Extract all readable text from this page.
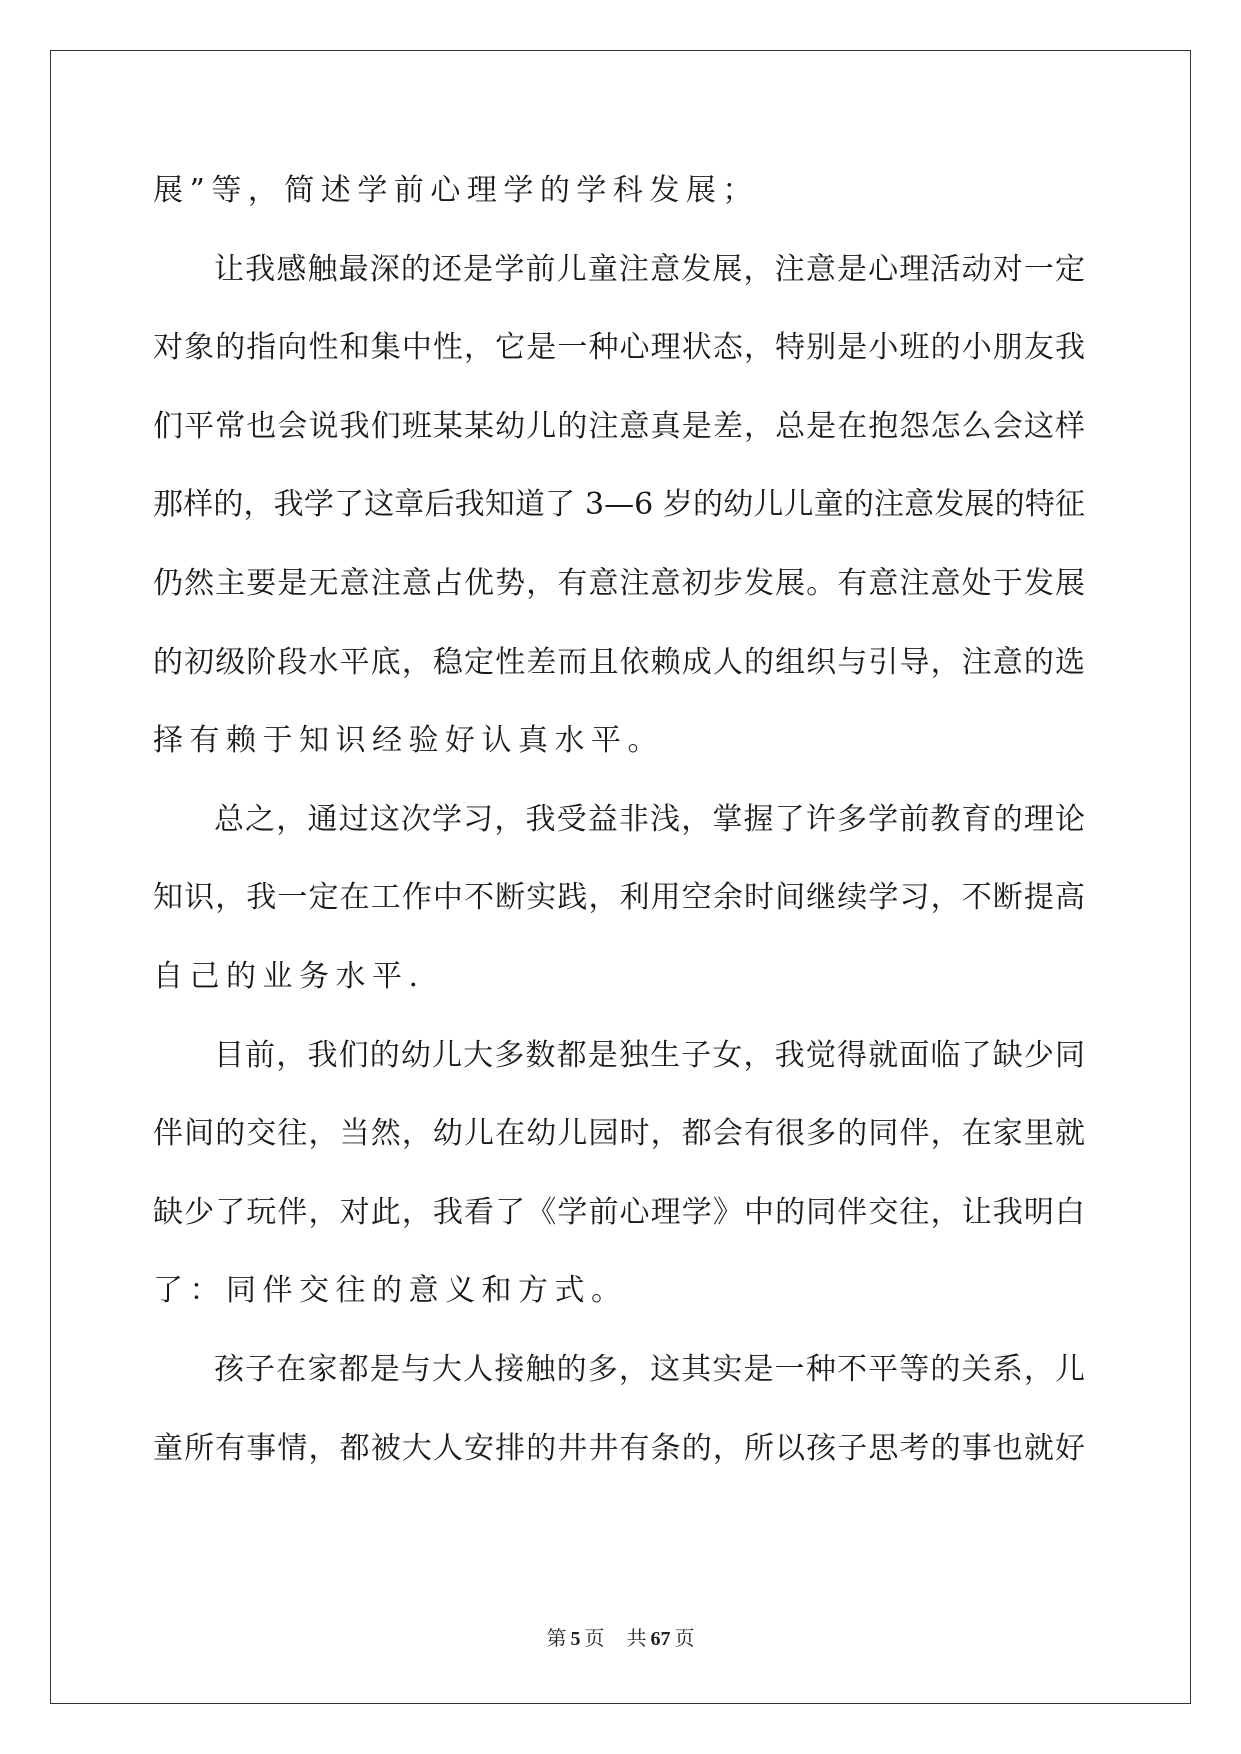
展”等，简述学前心理学的学科发展；
让我感触最深的还是学前儿童注意发展，注意是心理活动对一定
对象的指向性和集中性，它是一种心理状态，特别是小班的小朋友我
们平常也会说我们班某某幼儿的注意真是差，总是在抱怨怎么会这样
那样的，我学了这章后我知道了 3—6 岁的幼儿儿童的注意发展的特征
仍然主要是无意注意占优势，有意注意初步发展。有意注意处于发展
的初级阶段水平底，稳定性差而且依赖成人的组织与引导，注意的选
择有赖于知识经验好认真水平。
总之，通过这次学习，我受益非浅，掌握了许多学前教育的理论
知识，我一定在工作中不断实践，利用空余时间继续学习，不断提高
自己的业务水平.
目前，我们的幼儿大多数都是独生子女，我觉得就面临了缺少同
伴间的交往，当然，幼儿在幼儿园时，都会有很多的同伴，在家里就
缺少了玩伴，对此，我看了《学前心理学》中的同伴交往，让我明白
了：同伴交往的意义和方式。
孩子在家都是与大人接触的多，这其实是一种不平等的关系，儿
童所有事情，都被大人安排的井井有条的，所以孩子思考的事也就好
第 5 页 共 67 页
